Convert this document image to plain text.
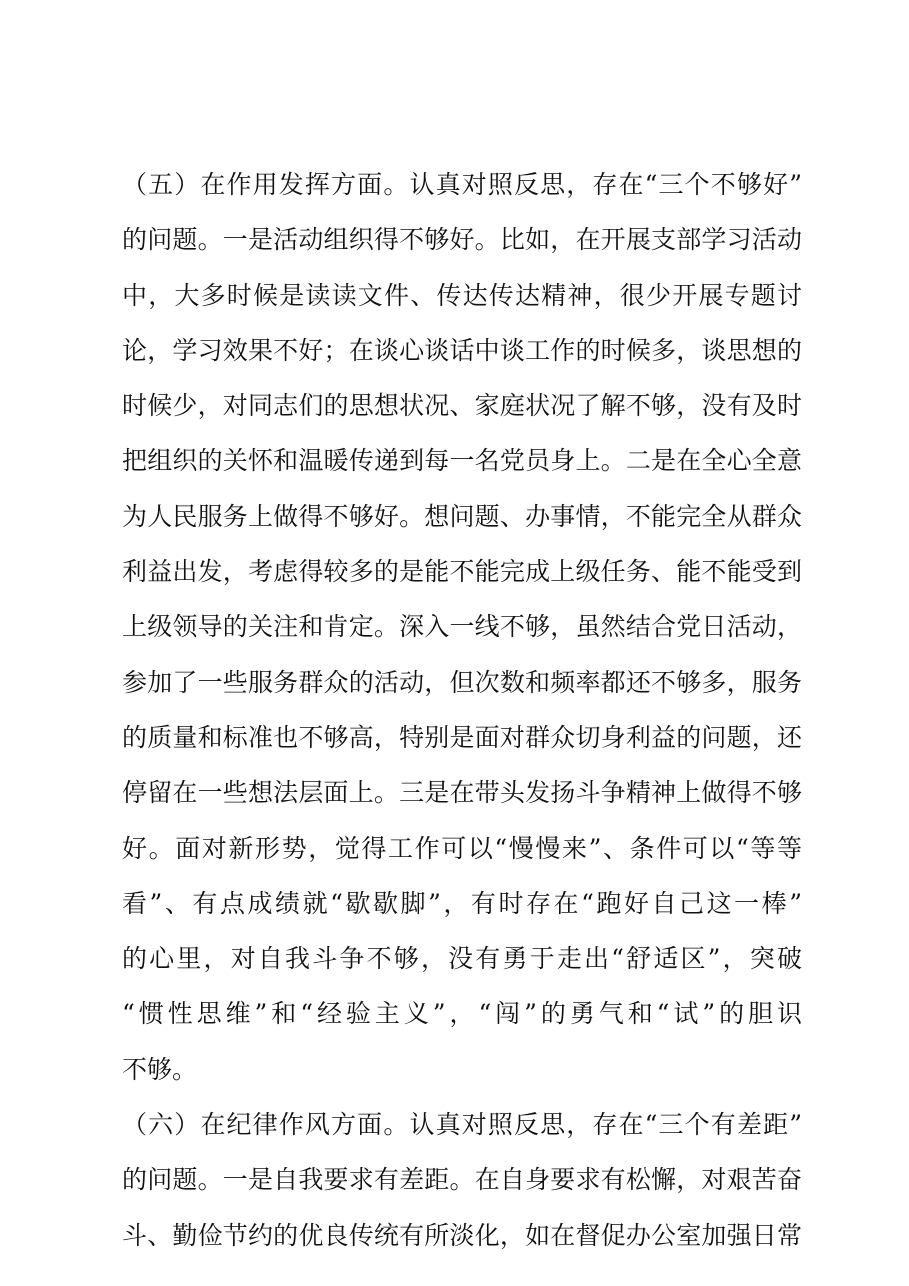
（五）在作用发挥方面。认真对照反思，存在“三个不够好”
的问题。一是活动组织得不够好。比如，在开展支部学习活动
中，大多时候是读读文件、传达传达精神，很少开展专题讨
论，学习效果不好；在谈心谈话中谈工作的时候多，谈思想的
时候少，对同志们的思想状况、家庭状况了解不够，没有及时
把组织的关怀和温暖传递到每一名党员身上。二是在全心全意
为人民服务上做得不够好。想问题、办事情，不能完全从群众
利益出发，考虑得较多的是能不能完成上级任务、能不能受到
上级领导的关注和肯定。深入一线不够，虽然结合党日活动，
参加了一些服务群众的活动，但次数和频率都还不够多，服务
的质量和标准也不够高，特别是面对群众切身利益的问题，还
停留在一些想法层面上。三是在带头发扬斗争精神上做得不够
好。面对新形势，觉得工作可以“慢慢来”、条件可以“等等
看”、有点成绩就“歇歇脚”，有时存在“跑好自己这一棒”
的心里，对自我斗争不够，没有勇于走出“舒适区”，突破
“惯性思维”和“经验主义”，“闯”的勇气和“试”的胆识
不够。
（六）在纪律作风方面。认真对照反思，存在“三个有差距”
的问题。一是自我要求有差距。在自身要求有松懈，对艰苦奋
斗、勤俭节约的优良传统有所淡化，如在督促办公室加强日常
